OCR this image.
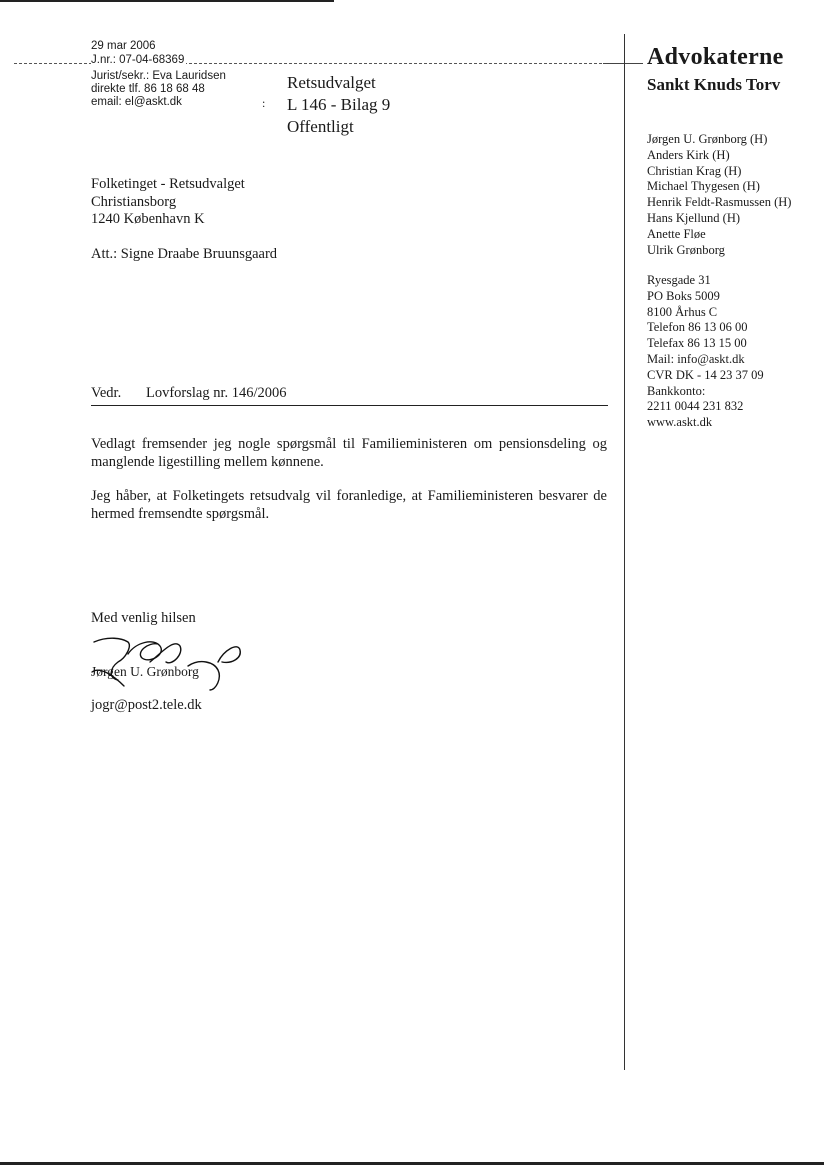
29 mar 2006
J.nr.: 07-04-68369
Jurist/sekr.: Eva Lauridsen
direkte tlf. 86 18 68 48
email: el@askt.dk	:
Retsudvalget
L 146 - Bilag 9
Offentligt
Advokaterne
Sankt Knuds Torv
Jørgen U. Grønborg (H)
Anders Kirk (H)
Christian Krag (H)
Michael Thygesen (H)
Henrik Feldt-Rasmussen (H)
Hans Kjellund (H)
Anette Fløe
Ulrik Grønborg
Ryesgade 31
PO Boks 5009
8100 Århus C
Telefon 86 13 06 00
Telefax 86 13 15 00
Mail: info@askt.dk
CVR DK - 14 23 37 09
Bankkonto:
2211 0044 231 832
www.askt.dk
Folketinget - Retsudvalget
Christiansborg
1240 København K
Att.: Signe Draabe Bruunsgaard
Vedr. Lovforslag nr. 146/2006
Vedlagt fremsender jeg nogle spørgsmål til Familieministeren om pensionsdeling og manglende ligestilling mellem kønnene.
Jeg håber, at Folketingets retsudvalg vil foranledige, at Familieministeren besvarer de hermed fremsendte spørgsmål.
Med venlig hilsen
Jørgen U. Grønborg
jogr@post2.tele.dk
